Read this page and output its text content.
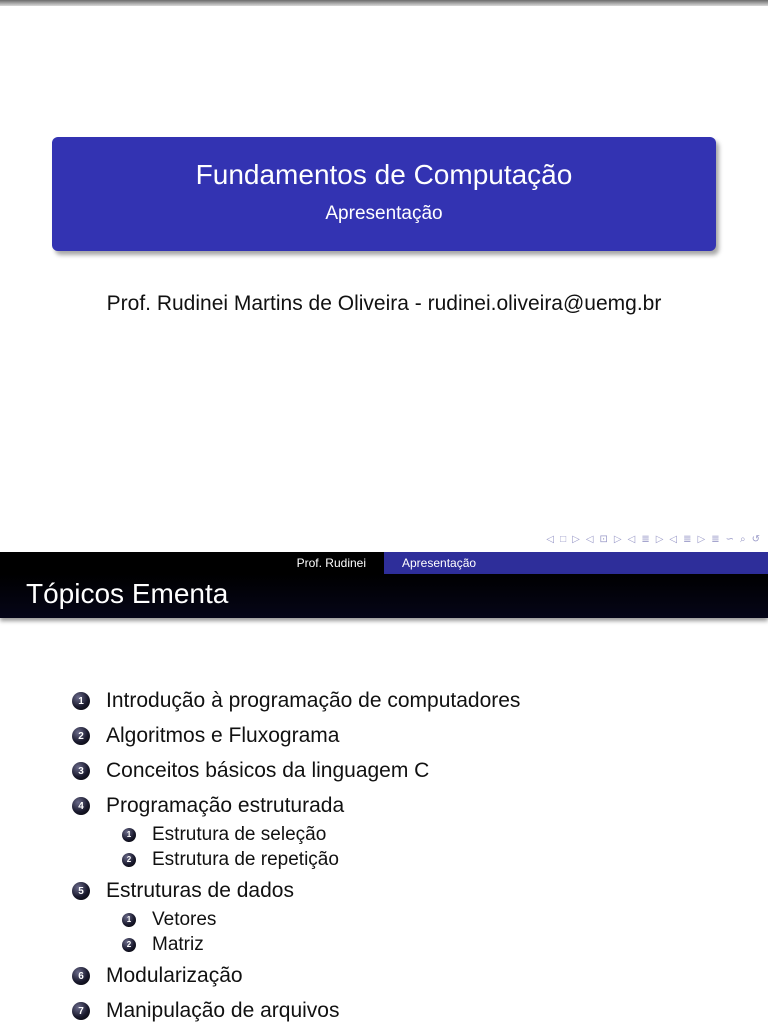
Fundamentos de Computação
Apresentação
Prof. Rudinei Martins de Oliveira - rudinei.oliveira@uemg.br
◁ □ ▷ ◁ ⊡ ▷ ◁ ≣ ▷ ◁ ≣ ▷ ≣ ∽ ⌕ ↺
Prof. Rudinei	Apresentação
Tópicos Ementa
1 Introdução à programação de computadores
2 Algoritmos e Fluxograma
3 Conceitos básicos da linguagem C
4 Programação estruturada
1 Estrutura de seleção
2 Estrutura de repetição
5 Estruturas de dados
1 Vetores
2 Matriz
6 Modularização
7 Manipulação de arquivos
